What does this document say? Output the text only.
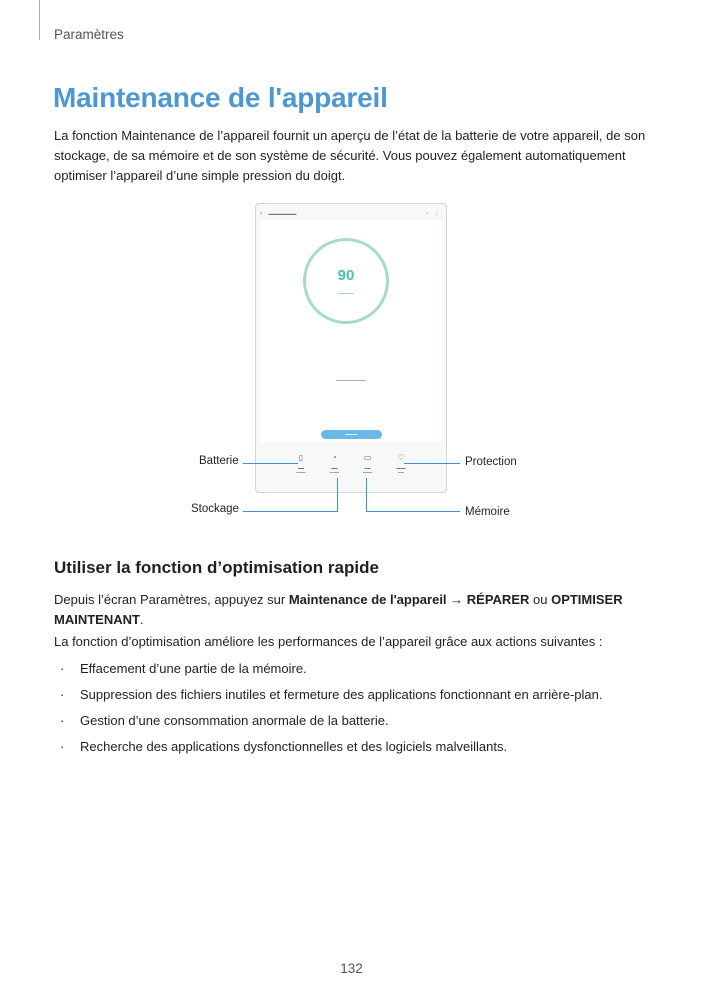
Paramètres
Maintenance de l'appareil

La fonction Maintenance de l’appareil fournit un aperçu de l’état de la batterie de votre appareil, de son stockage, de sa mémoire et de son système de sécurité. Vous pouvez également automatiquement optimiser l’appareil d’une simple pression du doigt.

‹ ▬▬▬▬▬▬▬	▫ ⋮
90
▬▬▬▬▬
▬▬▬▬▬▬▬▬▬▬
▬▬▬▬
▯
▬▬
▬▬▬
◔
▬▬
▬▬▬
▭
▬▬
▬▬▬
♡
▬▬▬
▬▬
Batterie	Protection
Stockage	Mémoire
Utiliser la fonction d’optimisation rapide

Depuis l’écran Paramètres, appuyez sur Maintenance de l'appareil → RÉPARER ou OPTIMISER MAINTENANT.

La fonction d’optimisation améliore les performances de l’appareil grâce aux actions suivantes :

· Effacement d’une partie de la mémoire.
· Suppression des fichiers inutiles et fermeture des applications fonctionnant en arrière-plan.
· Gestion d’une consommation anormale de la batterie.
· Recherche des applications dysfonctionnelles et des logiciels malveillants.
132
